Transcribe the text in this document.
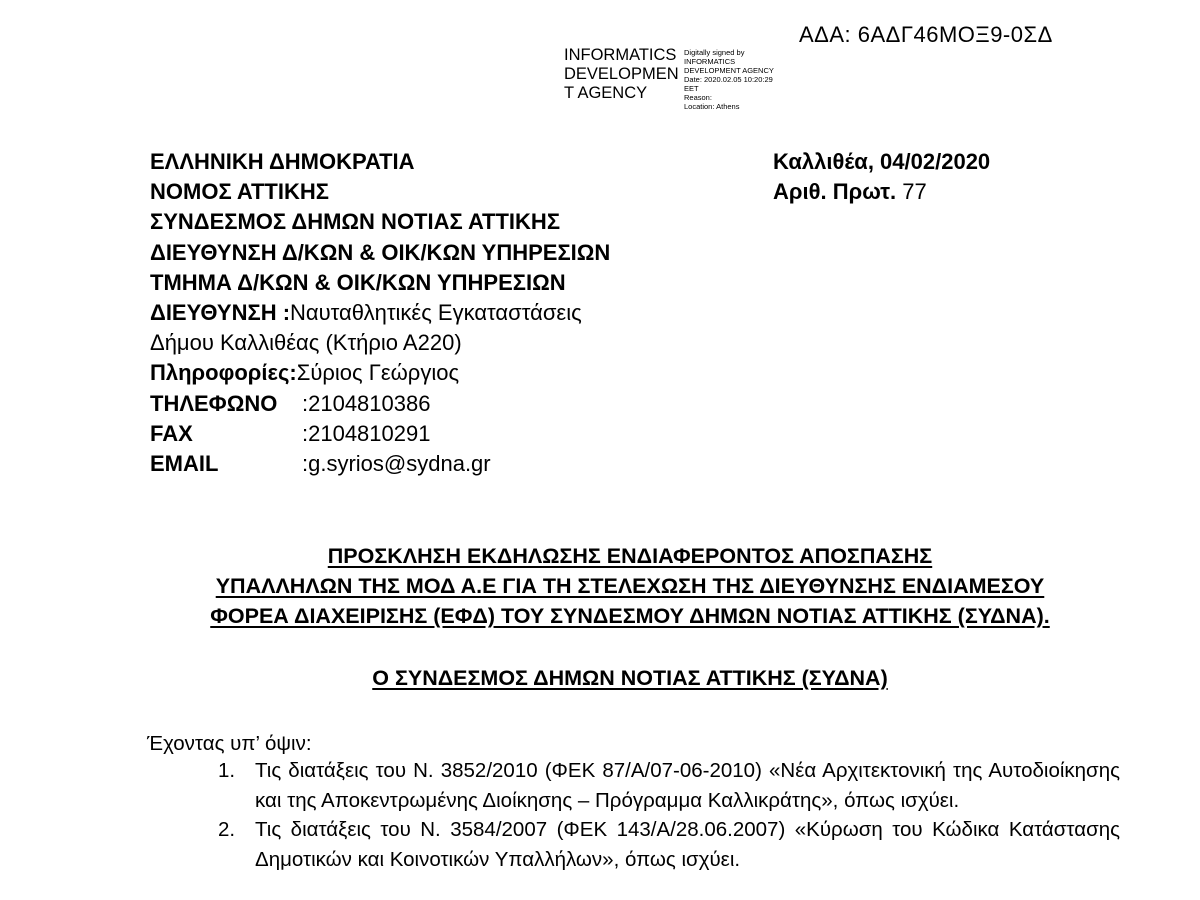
ΑΔΑ: 6ΑΔΓ46ΜΟΞ9-0ΣΔ
INFORMATICS
DEVELOPMEN
T AGENCY
Digitally signed by
INFORMATICS
DEVELOPMENT AGENCY
Date: 2020.02.05 10:20:29
EET
Reason:
Location: Athens
ΕΛΛΗΝΙΚΗ ΔΗΜΟΚΡΑΤΙΑ
ΝΟΜΟΣ ΑΤΤΙΚΗΣ
ΣΥΝΔΕΣΜΟΣ ΔΗΜΩΝ ΝΟΤΙΑΣ ΑΤΤΙΚΗΣ
ΔΙΕΥΘΥΝΣΗ Δ/ΚΩΝ & ΟΙΚ/ΚΩΝ ΥΠΗΡΕΣΙΩΝ
ΤΜΗΜΑ Δ/ΚΩΝ & ΟΙΚ/ΚΩΝ ΥΠΗΡΕΣΙΩΝ
ΔΙΕΥΘΥΝΣΗ :Ναυταθλητικές Εγκαταστάσεις
Δήμου Καλλιθέας (Κτήριο Α220)
Πληροφορίες:Σύριος Γεώργιος
ΤΗΛΕΦΩΝΟ	:2104810386
FAX	:2104810291
EMAIL	:g.syrios@sydna.gr
Καλλιθέα, 04/02/2020
Αριθ. Πρωτ. 77
ΠΡΟΣΚΛΗΣΗ ΕΚΔΗΛΩΣΗΣ ΕΝΔΙΑΦΕΡΟΝΤΟΣ ΑΠΟΣΠΑΣΗΣ
ΥΠΑΛΛΗΛΩΝ ΤΗΣ ΜΟΔ Α.Ε ΓΙΑ ΤΗ ΣΤΕΛΕΧΩΣΗ ΤΗΣ ΔΙΕΥΘΥΝΣΗΣ ΕΝΔΙΑΜΕΣΟΥ
ΦΟΡΕΑ ΔΙΑΧΕΙΡΙΣΗΣ (ΕΦΔ) ΤΟΥ ΣΥΝΔΕΣΜΟΥ ΔΗΜΩΝ ΝΟΤΙΑΣ ΑΤΤΙΚΗΣ (ΣΥΔΝΑ).
Ο ΣΥΝΔΕΣΜΟΣ ΔΗΜΩΝ ΝΟΤΙΑΣ ΑΤΤΙΚΗΣ (ΣΥΔΝΑ)
Έχοντας υπ’ όψιν:
1. Τις διατάξεις του Ν. 3852/2010 (ΦΕΚ 87/Α/07-06-2010) «Νέα Αρχιτεκτονική της Αυτοδιοίκησης και της Αποκεντρωμένης Διοίκησης – Πρόγραμμα Καλλικράτης», όπως ισχύει.
2. Τις διατάξεις του Ν. 3584/2007 (ΦΕΚ 143/Α/28.06.2007) «Κύρωση του Κώδικα Κατάστασης Δημοτικών και Κοινοτικών Υπαλλήλων», όπως ισχύει.
